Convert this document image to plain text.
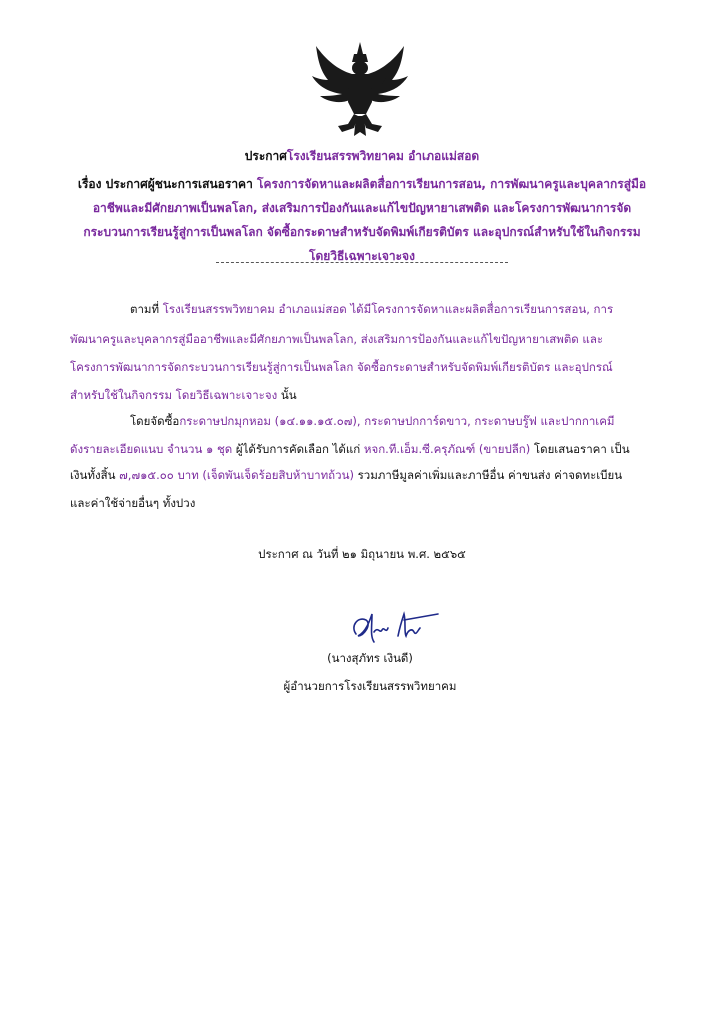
ประกาศโรงเรียนสรรพวิทยาคม อำเภอแม่สอด
เรื่อง ประกาศผู้ชนะการเสนอราคา โครงการจัดหาและผลิตสื่อการเรียนการสอน, การพัฒนาครูและบุคลากรสู่มือ
อาชีพและมีศักยภาพเป็นพลโลก, ส่งเสริมการป้องกันและแก้ไขปัญหายาเสพติด และโครงการพัฒนาการจัด
กระบวนการเรียนรู้สู่การเป็นพลโลก จัดซื้อกระดาษสำหรับจัดพิมพ์เกียรติบัตร และอุปกรณ์สำหรับใช้ในกิจกรรม
โดยวิธีเฉพาะเจาะจง
ตามที่ โรงเรียนสรรพวิทยาคม อำเภอแม่สอด ได้มีโครงการจัดหาและผลิตสื่อการเรียนการสอน, การ
พัฒนาครูและบุคลากรสู่มืออาชีพและมีศักยภาพเป็นพลโลก, ส่งเสริมการป้องกันและแก้ไขปัญหายาเสพติด และ
โครงการพัฒนาการจัดกระบวนการเรียนรู้สู่การเป็นพลโลก จัดซื้อกระดาษสำหรับจัดพิมพ์เกียรติบัตร และอุปกรณ์
สำหรับใช้ในกิจกรรม โดยวิธีเฉพาะเจาะจง นั้น
โดยจัดซื้อกระดาษปกมุกหอม (๑๔.๑๑.๑๕.๐๗), กระดาษปกการ์ดขาว, กระดาษบรู๊ฟ และปากกาเคมี
ดังรายละเอียดแนบ จำนวน ๑ ชุด ผู้ได้รับการคัดเลือก ได้แก่ หจก.ที.เอ็ม.ซี.ครุภัณฑ์ (ขายปลีก) โดยเสนอราคา เป็น
เงินทั้งสิ้น ๗,๗๑๕.๐๐ บาท (เจ็ดพันเจ็ดร้อยสิบห้าบาทถ้วน) รวมภาษีมูลค่าเพิ่มและภาษีอื่น ค่าขนส่ง ค่าจดทะเบียน
และค่าใช้จ่ายอื่นๆ ทั้งปวง
ประกาศ ณ วันที่ ๒๑ มิถุนายน พ.ศ. ๒๕๖๕
(นางสุภัทร เงินดี)
ผู้อำนวยการโรงเรียนสรรพวิทยาคม
